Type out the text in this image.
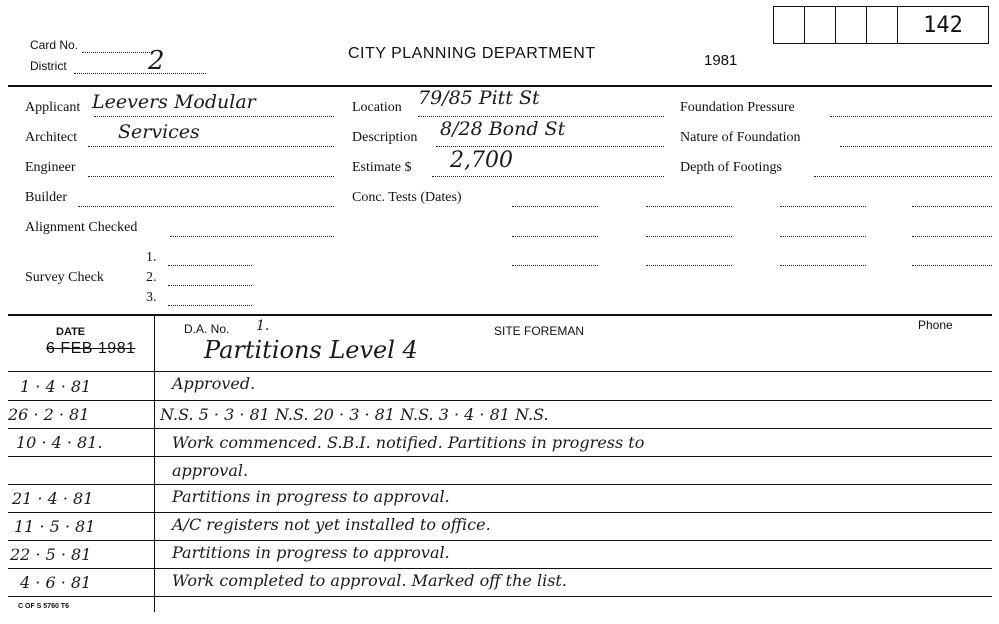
142
Card No.
District	2	CITY PLANNING DEPARTMENT	1981
Applicant Leevers Modular
Architect Services
Engineer
Builder
Alignment Checked
Survey Check
1.
2.
3.
Location 79/85 Pitt St
Description 8/28 Bond St
Estimate $ 2,700
Conc. Tests (Dates)
Foundation Pressure
Nature of Foundation
Depth of Footings
DATE	D.A. No. 1.	SITE FOREMAN	Phone
6 FEB 1981	Partitions Level 4
1 · 4 · 81	Approved.
26 · 2 · 81	N.S. 5 · 3 · 81 N.S. 20 · 3 · 81 N.S. 3 · 4 · 81 N.S.
10 · 4 · 81.	Work commenced. S.B.I. notified. Partitions in progress to
approval.
21 · 4 · 81	Partitions in progress to approval.
11 · 5 · 81	A/C registers not yet installed to office.
22 · 5 · 81	Partitions in progress to approval.
4 · 6 · 81	Work completed to approval. Marked off the list.
C OF S 5760 T6
